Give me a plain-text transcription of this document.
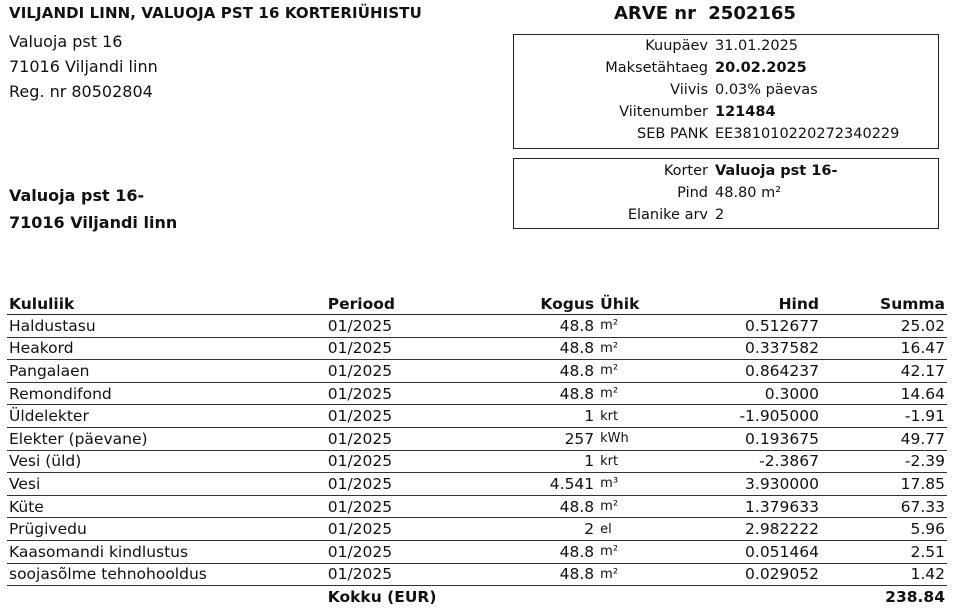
VILJANDI LINN, VALUOJA PST 16 KORTERIÜHISTU
Valuoja pst 16
71016 Viljandi linn
Reg. nr 80502804
ARVE nr 2502165
Kuupäev 31.01.2025
Maksetähtaeg 20.02.2025
Viivis 0.03% päevas
Viitenumber 121484
SEB PANK EE381010220272340229
Korter Valuoja pst 16-
Pind 48.80 m²
Elanike arv 2
Valuoja pst 16-
71016 Viljandi linn
Kululiik	Periood	Kogus	Ühik	Hind	Summa
Haldustasu	01/2025	48.8	m²	0.512677	25.02
Heakord	01/2025	48.8	m²	0.337582	16.47
Pangalaen	01/2025	48.8	m²	0.864237	42.17
Remondifond	01/2025	48.8	m²	0.3000	14.64
Üldelekter	01/2025	1	krt	-1.905000	-1.91
Elekter (päevane)	01/2025	257	kWh	0.193675	49.77
Vesi (üld)	01/2025	1	krt	-2.3867	-2.39
Vesi	01/2025	4.541	m³	3.930000	17.85
Küte	01/2025	48.8	m²	1.379633	67.33
Prügivedu	01/2025	2	el	2.982222	5.96
Kaasomandi kindlustus	01/2025	48.8	m²	0.051464	2.51
soojasõlme tehnohooldus	01/2025	48.8	m²	0.029052	1.42
	Kokku (EUR)				238.84
